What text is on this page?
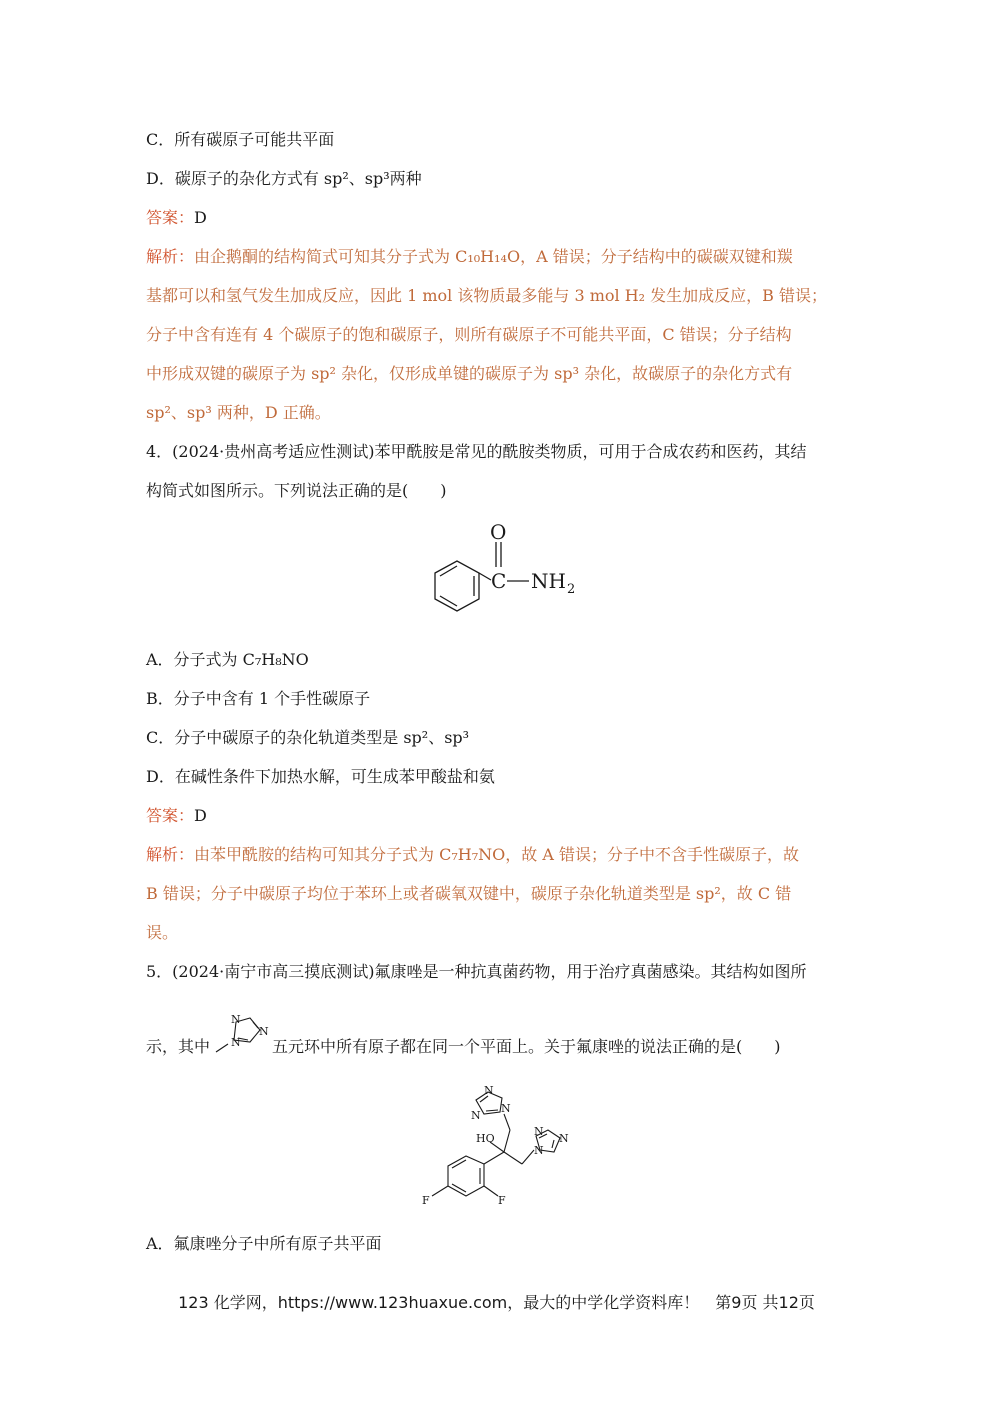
C．所有碳原子可能共平面
D．碳原子的杂化方式有 sp²、sp³两种
答案：D
解析：由企鹅酮的结构简式可知其分子式为 C₁₀H₁₄O，A 错误；分子结构中的碳碳双键和羰
基都可以和氢气发生加成反应，因此 1 mol 该物质最多能与 3 mol H₂ 发生加成反应，B 错误；
分子中含有连有 4 个碳原子的饱和碳原子，则所有碳原子不可能共平面，C 错误；分子结构
中形成双键的碳原子为 sp² 杂化，仅形成单键的碳原子为 sp³ 杂化，故碳原子的杂化方式有
sp²、sp³ 两种，D 正确。
4．(2024·贵州高考适应性测试)苯甲酰胺是常见的酰胺类物质，可用于合成农药和医药，其结
构简式如图所示。下列说法正确的是(　　)
O
C NH 2
A．分子式为 C₇H₈NO
B．分子中含有 1 个手性碳原子
C．分子中碳原子的杂化轨道类型是 sp²、sp³
D．在碱性条件下加热水解，可生成苯甲酸盐和氨
答案：D
解析：由苯甲酰胺的结构可知其分子式为 C₇H₇NO，故 A 错误；分子中不含手性碳原子，故
B 错误；分子中碳原子均位于苯环上或者碳氧双键中，碳原子杂化轨道类型是 sp²，故 C 错
误。
5．(2024·南宁市高三摸底测试)氟康唑是一种抗真菌药物，用于治疗真菌感染。其结构如图所
示，其中 N
N
N
五元环中所有原子都在同一个平面上。关于氟康唑的说法正确的是(　　)
N
N
N
HO
N
N
N
F	F
A．氟康唑分子中所有原子共平面
123 化学网，https://www.123huaxue.com，最大的中学化学资料库！　第9页 共12页
